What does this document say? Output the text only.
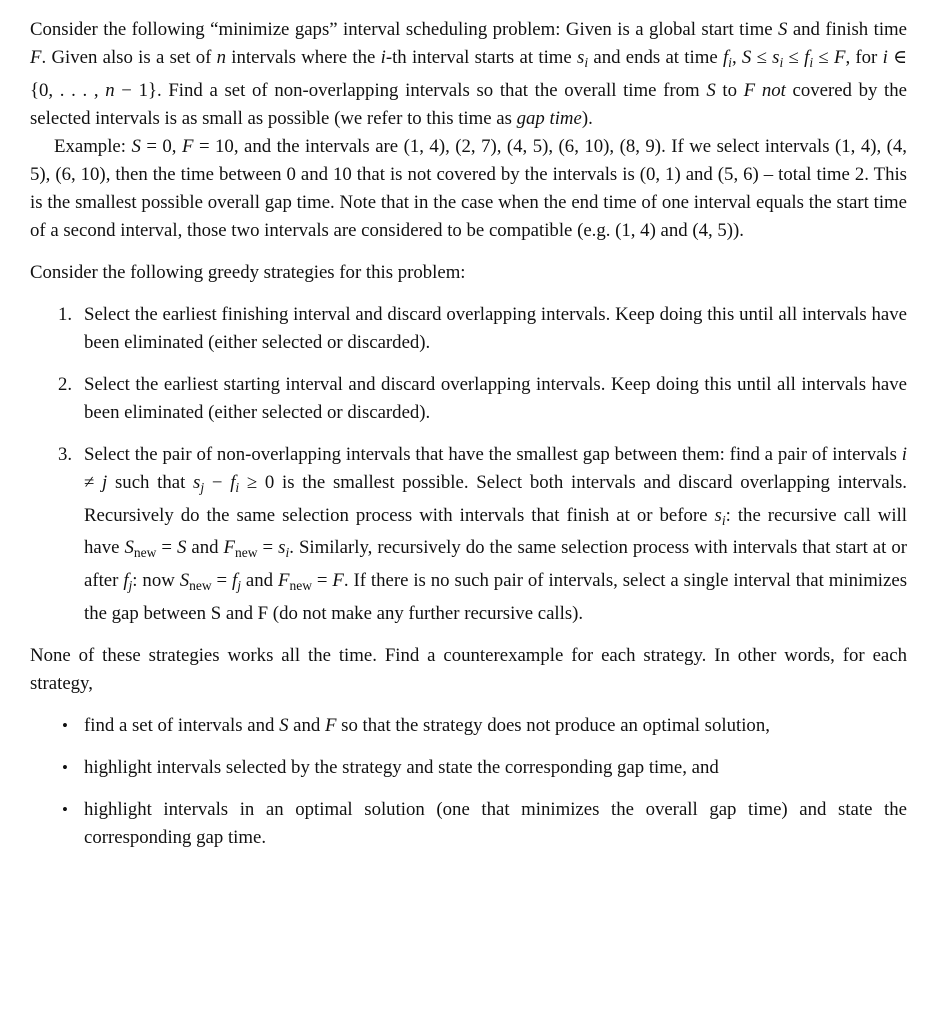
Consider the following “minimize gaps” interval scheduling problem: Given is a global start time S and finish time F. Given also is a set of n intervals where the i-th interval starts at time $s_i$ and ends at time $f_i$, $S \le s_i \le f_i \le F$, for i ∈ {0, . . . , n − 1}. Find a set of non-overlapping intervals so that the overall time from S to F not covered by the selected intervals is as small as possible (we refer to this time as gap time).
Example: S = 0, F = 10, and the intervals are (1, 4), (2, 7), (4, 5), (6, 10), (8, 9). If we select intervals (1, 4), (4, 5), (6, 10), then the time between 0 and 10 that is not covered by the intervals is (0, 1) and (5, 6) – total time 2. This is the smallest possible overall gap time. Note that in the case when the end time of one interval equals the start time of a second interval, those two intervals are considered to be compatible (e.g. (1, 4) and (4, 5)).
Consider the following greedy strategies for this problem:
1. Select the earliest finishing interval and discard overlapping intervals. Keep doing this until all intervals have been eliminated (either selected or discarded).
2. Select the earliest starting interval and discard overlapping intervals. Keep doing this until all intervals have been eliminated (either selected or discarded).
3. Select the pair of non-overlapping intervals that have the smallest gap between them: find a pair of intervals i ≠ j such that $s_j - f_i \ge 0$ is the smallest possible. Select both intervals and discard overlapping intervals. Recursively do the same selection process with intervals that finish at or before $s_i$: the recursive call will have $S_{new} = S$ and $F_{new} = s_i$. Similarly, recursively do the same selection process with intervals that start at or after $f_j$: now $S_{new} = f_j$ and $F_{new} = F$. If there is no such pair of intervals, select a single interval that minimizes the gap between S and F (do not make any further recursive calls).
None of these strategies works all the time. Find a counterexample for each strategy. In other words, for each strategy,
• find a set of intervals and S and F so that the strategy does not produce an optimal solution,
• highlight intervals selected by the strategy and state the corresponding gap time, and
• highlight intervals in an optimal solution (one that minimizes the overall gap time) and state the corresponding gap time.
